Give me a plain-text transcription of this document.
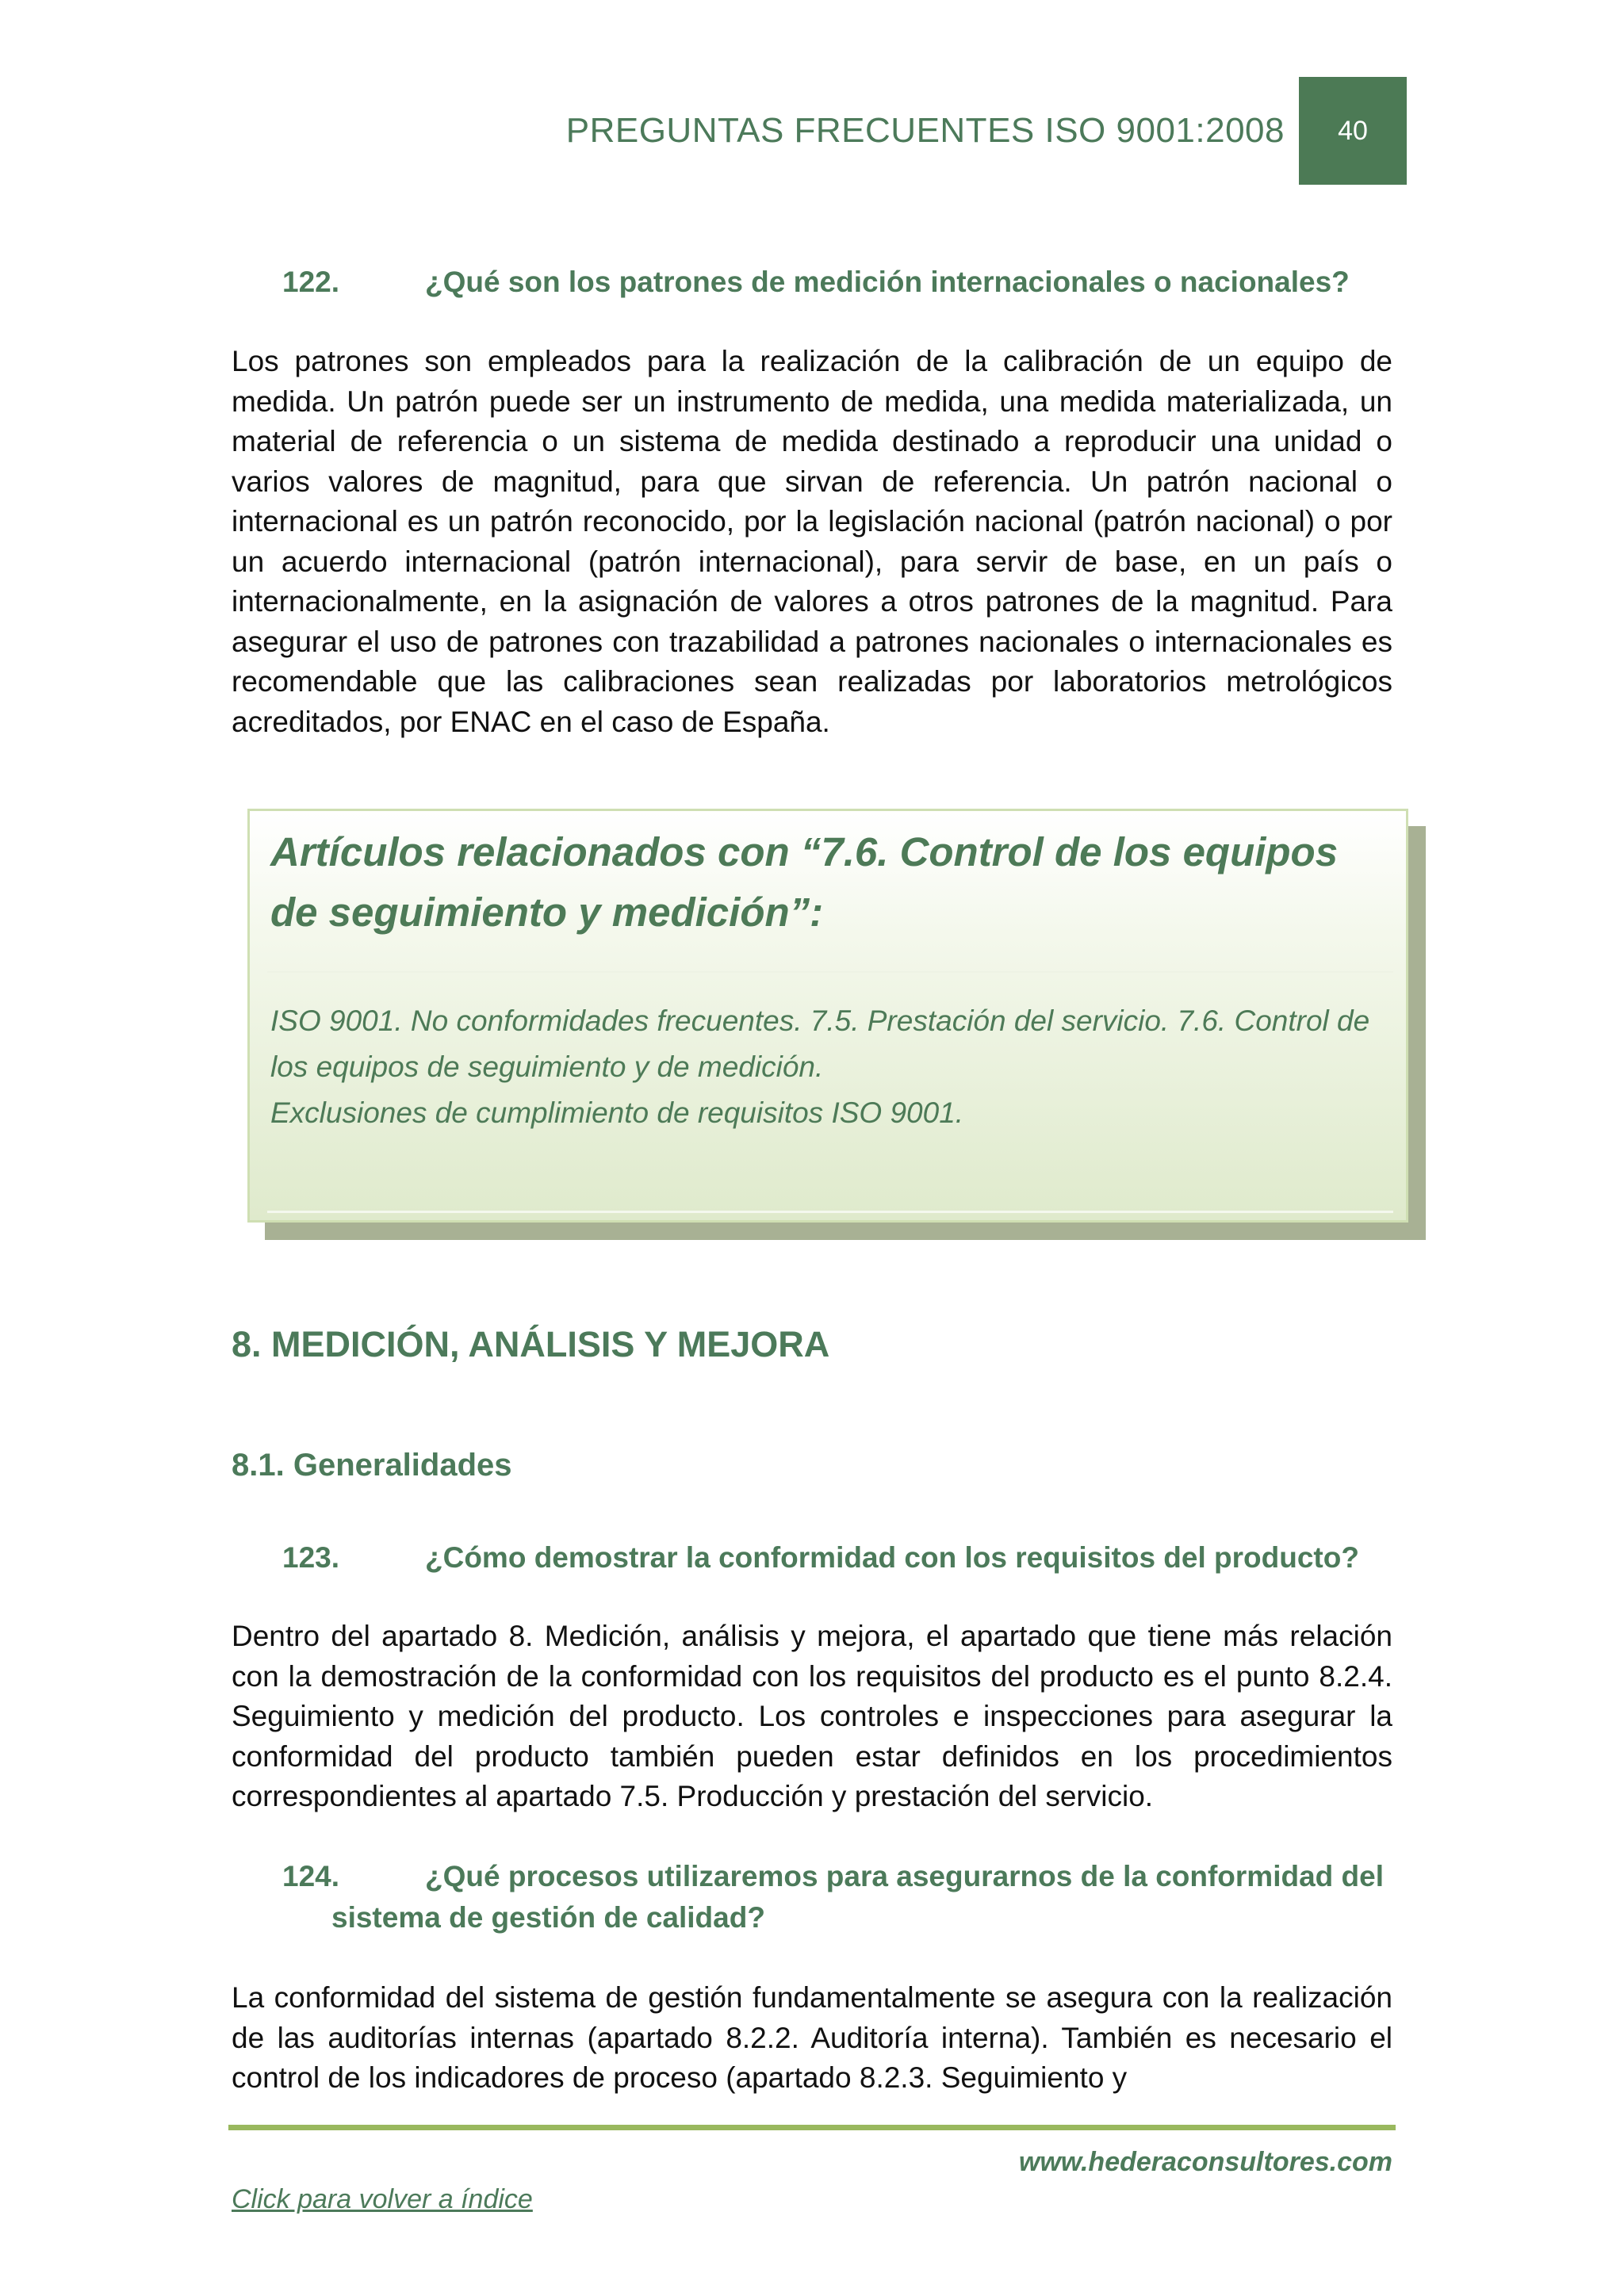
PREGUNTAS FRECUENTES ISO 9001:2008 40
122.	¿Qué son los patrones de medición internacionales o nacionales?
Los patrones son empleados para la realización de la calibración de un equipo de medida. Un patrón puede ser un instrumento de medida, una medida materializada, un material de referencia o un sistema de medida destinado a reproducir una unidad o varios valores de magnitud, para que sirvan de referencia. Un patrón nacional o internacional es un patrón reconocido, por la legislación nacional (patrón nacional) o por un acuerdo internacional (patrón internacional), para servir de base, en un país o internacionalmente, en la asignación de valores a otros patrones de la magnitud. Para asegurar el uso de patrones con trazabilidad a patrones nacionales o internacionales es recomendable que las calibraciones sean realizadas por laboratorios metrológicos acreditados, por ENAC en el caso de España.
Artículos relacionados con “7.6. Control de los equipos de seguimiento y medición”:
ISO 9001. No conformidades frecuentes. 7.5. Prestación del servicio. 7.6. Control de los equipos de seguimiento y de medición.
Exclusiones de cumplimiento de requisitos ISO 9001.
8. MEDICIÓN, ANÁLISIS Y MEJORA
8.1. Generalidades
123.	¿Cómo demostrar la conformidad con los requisitos del producto?
Dentro del apartado 8. Medición, análisis y mejora, el apartado que tiene más relación con la demostración de la conformidad con los requisitos del producto es el punto 8.2.4. Seguimiento y medición del producto. Los controles e inspecciones para asegurar la conformidad del producto también pueden estar definidos en los procedimientos correspondientes al apartado 7.5. Producción y prestación del servicio.
124.	¿Qué procesos utilizaremos para asegurarnos de la conformidad del
sistema de gestión de calidad?
La conformidad del sistema de gestión fundamentalmente se asegura con la realización de las auditorías internas (apartado 8.2.2. Auditoría interna). También es necesario el control de los indicadores de proceso (apartado 8.2.3. Seguimiento y
www.hederaconsultores.com
Click para volver a índice
